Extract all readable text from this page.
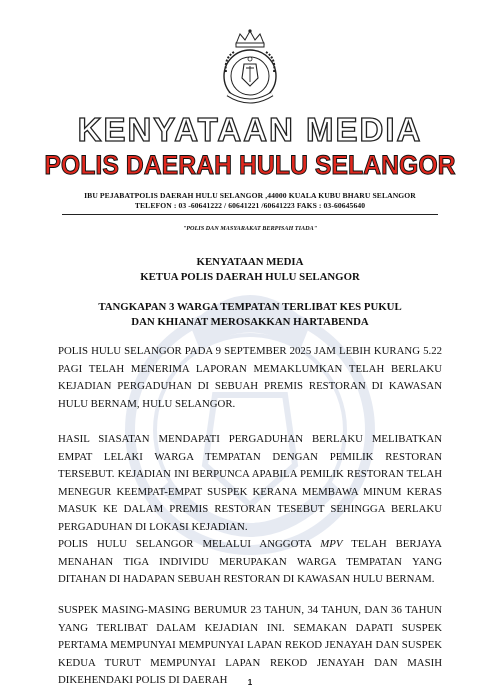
KENYATAAN MEDIA
POLIS DAERAH HULU SELANGOR
IBU PEJABATPOLIS DAERAH HULU SELANGOR ,44000 KUALA KUBU BHARU SELANGOR
TELEFON : 03 -60641222 / 60641221 /60641223 FAKS : 03-60645640
"POLIS DAN MASYARAKAT BERPISAH TIADA"
KENYATAAN MEDIA
KETUA POLIS DAERAH HULU SELANGOR
TANGKAPAN 3 WARGA TEMPATAN TERLIBAT KES PUKUL
DAN KHIANAT MEROSAKKAN HARTABENDA

POLIS HULU SELANGOR PADA 9 SEPTEMBER 2025 JAM LEBIH KURANG 5.22 PAGI TELAH MENERIMA LAPORAN MEMAKLUMKAN TELAH BERLAKU KEJADIAN PERGADUHAN DI SEBUAH PREMIS RESTORAN DI KAWASAN HULU BERNAM, HULU SELANGOR.

HASIL SIASATAN MENDAPATI PERGADUHAN BERLAKU MELIBATKAN EMPAT LELAKI WARGA TEMPATAN DENGAN PEMILIK RESTORAN TERSEBUT. KEJADIAN INI BERPUNCA APABILA PEMILIK RESTORAN TELAH MENEGUR KEEMPAT-EMPAT SUSPEK KERANA MEMBAWA MINUM KERAS MASUK KE DALAM PREMIS RESTORAN TESEBUT SEHINGGA BERLAKU PERGADUHAN DI LOKASI KEJADIAN.

POLIS HULU SELANGOR MELALUI ANGGOTA MPV TELAH BERJAYA MENAHAN TIGA INDIVIDU MERUPAKAN WARGA TEMPATAN YANG DITAHAN DI HADAPAN SEBUAH RESTORAN DI KAWASAN HULU BERNAM.

SUSPEK MASING-MASING BERUMUR 23 TAHUN, 34 TAHUN, DAN 36 TAHUN YANG TERLIBAT DALAM KEJADIAN INI. SEMAKAN DAPATI SUSPEK PERTAMA MEMPUNYAI MEMPUNYAI LAPAN REKOD JENAYAH DAN SUSPEK KEDUA TURUT MEMPUNYAI LAPAN REKOD JENAYAH DAN MASIH DIKEHENDAKI POLIS DI DAERAH	1
